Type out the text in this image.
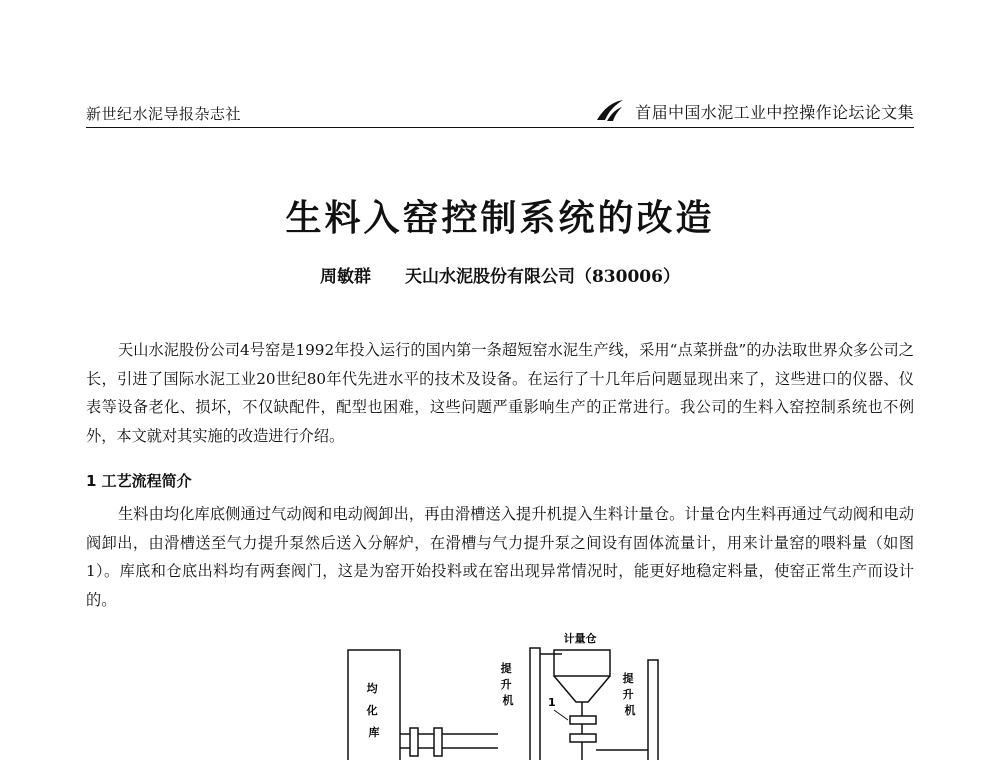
新世纪水泥导报杂志社	首届中国水泥工业中控操作论坛论文集
生料入窑控制系统的改造
周敏群 天山水泥股份有限公司（830006）

天山水泥股份公司4号窑是1992年投入运行的国内第一条超短窑水泥生产线，采用“点菜拼盘”的办法取世界众多公司之长，引进了国际水泥工业20世纪80年代先进水平的技术及设备。在运行了十几年后问题显现出来了，这些进口的仪器、仪表等设备老化、损坏，不仅缺配件，配型也困难，这些问题严重影响生产的正常进行。我公司的生料入窑控制系统也不例外，本文就对其实施的改造进行介绍。

1 工艺流程简介

生料由均化库底侧通过气动阀和电动阀卸出，再由滑槽送入提升机提入生料计量仓。计量仓内生料再通过气动阀和电动阀卸出，由滑槽送至气力提升泵然后送入分解炉，在滑槽与气力提升泵之间设有固体流量计，用来计量窑的喂料量（如图1）。库底和仓底出料均有两套阀门，这是为窑开始投料或在窑出现异常情况时，能更好地稳定料量，使窑正常生产而设计的。

均 化 库
提 升 机
计量仓
1
提 升 机
